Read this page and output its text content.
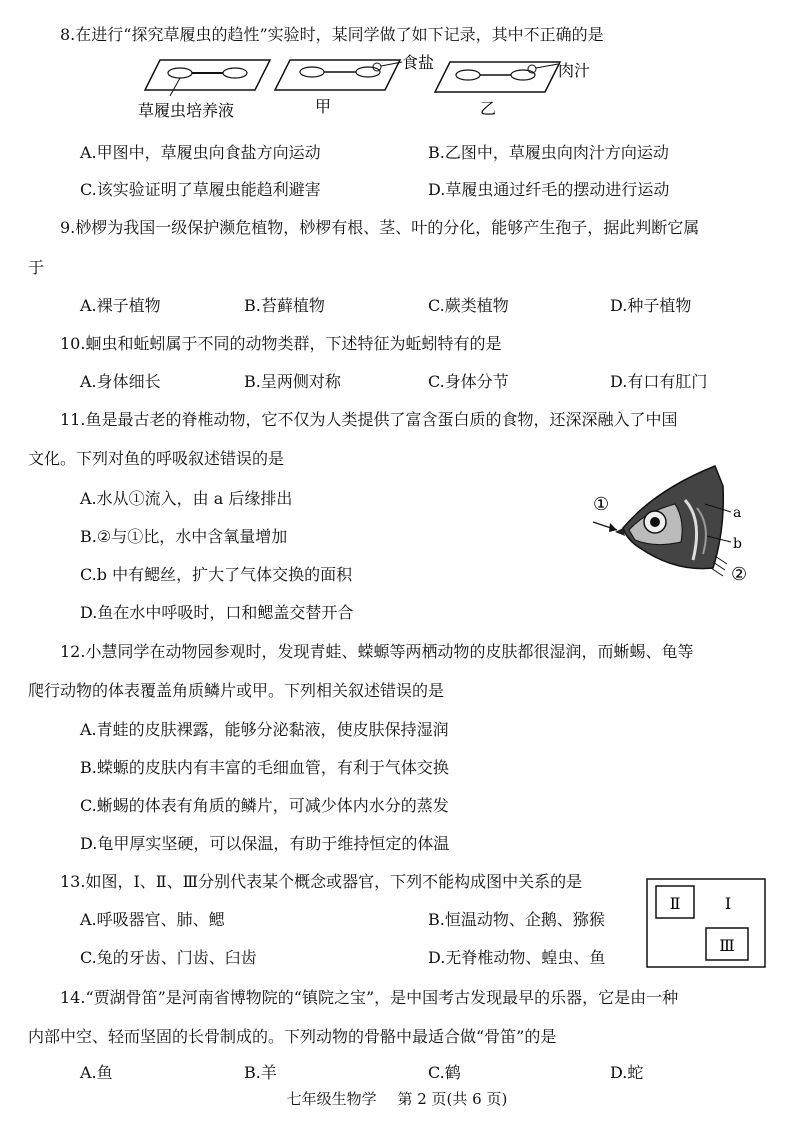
8.在进行“探究草履虫的趋性”实验时，某同学做了如下记录，其中不正确的是
草履虫培养液	甲	乙
食盐	肉汁
A.甲图中，草履虫向食盐方向运动	B.乙图中，草履虫向肉汁方向运动
C.该实验证明了草履虫能趋利避害	D.草履虫通过纤毛的摆动进行运动
9.桫椤为我国一级保护濒危植物，桫椤有根、茎、叶的分化，能够产生孢子，据此判断它属
于
A.裸子植物	B.苔藓植物	C.蕨类植物	D.种子植物
10.蛔虫和蚯蚓属于不同的动物类群，下述特征为蚯蚓特有的是
A.身体细长	B.呈两侧对称	C.身体分节	D.有口有肛门
11.鱼是最古老的脊椎动物，它不仅为人类提供了富含蛋白质的食物，还深深融入了中国
文化。下列对鱼的呼吸叙述错误的是
A.水从①流入，由 a 后缘排出
B.②与①比，水中含氧量增加
C.b 中有鳃丝，扩大了气体交换的面积
D.鱼在水中呼吸时，口和鳃盖交替开合
①	a
b
②
12.小慧同学在动物园参观时，发现青蛙、蝾螈等两栖动物的皮肤都很湿润，而蜥蜴、龟等
爬行动物的体表覆盖角质鳞片或甲。下列相关叙述错误的是
A.青蛙的皮肤裸露，能够分泌黏液，使皮肤保持湿润
B.蝾螈的皮肤内有丰富的毛细血管，有利于气体交换
C.蜥蜴的体表有角质的鳞片，可减少体内水分的蒸发
D.龟甲厚实坚硬，可以保温，有助于维持恒定的体温
13.如图，Ⅰ、Ⅱ、Ⅲ分别代表某个概念或器官，下列不能构成图中关系的是
A.呼吸器官、肺、鳃	B.恒温动物、企鹅、猕猴
C.兔的牙齿、门齿、臼齿	D.无脊椎动物、蝗虫、鱼
Ⅱ	Ⅰ
Ⅲ
14.“贾湖骨笛”是河南省博物院的“镇院之宝”，是中国考古发现最早的乐器，它是由一种
内部中空、轻而坚固的长骨制成的。下列动物的骨骼中最适合做“骨笛”的是
A.鱼	B.羊	C.鹤	D.蛇
七年级生物学 第 2 页(共 6 页)
